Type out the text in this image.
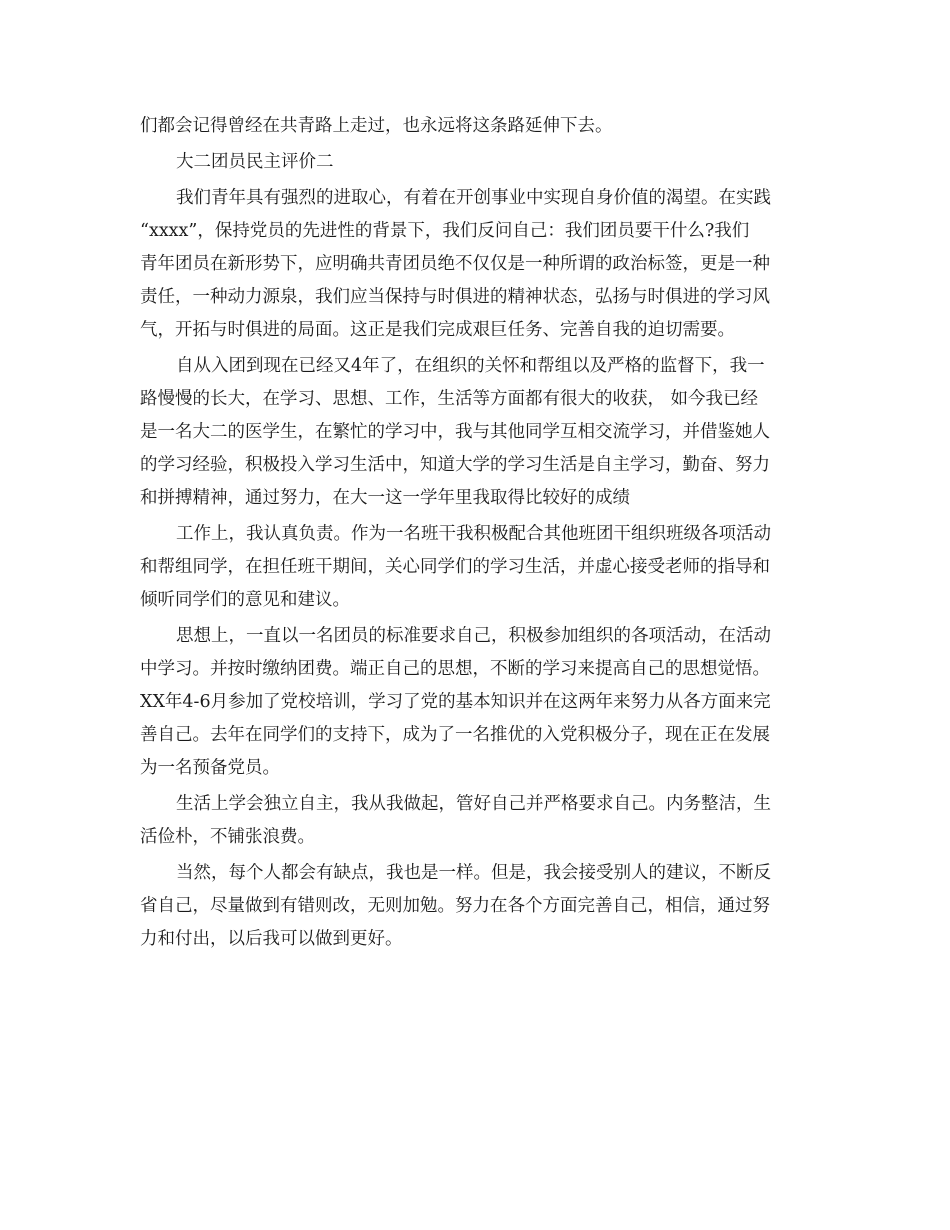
们都会记得曾经在共青路上走过，也永远将这条路延伸下去。
大二团员民主评价二
我们青年具有强烈的进取心，有着在开创事业中实现自身价值的渴望。在实践
“xxxx”，保持党员的先进性的背景下，我们反问自己：我们团员要干什么?我们
青年团员在新形势下，应明确共青团员绝不仅仅是一种所谓的政治标签，更是一种
责任，一种动力源泉，我们应当保持与时俱进的精神状态，弘扬与时俱进的学习风
气，开拓与时俱进的局面。这正是我们完成艰巨任务、完善自我的迫切需要。
自从入团到现在已经又4年了，在组织的关怀和帮组以及严格的监督下，我一
路慢慢的长大，在学习、思想、工作，生活等方面都有很大的收获， 如今我已经
是一名大二的医学生，在繁忙的学习中，我与其他同学互相交流学习，并借鉴她人
的学习经验，积极投入学习生活中，知道大学的学习生活是自主学习，勤奋、努力
和拼搏精神，通过努力，在大一这一学年里我取得比较好的成绩
工作上，我认真负责。作为一名班干我积极配合其他班团干组织班级各项活动
和帮组同学，在担任班干期间，关心同学们的学习生活，并虚心接受老师的指导和
倾听同学们的意见和建议。
思想上，一直以一名团员的标准要求自己，积极参加组织的各项活动，在活动
中学习。并按时缴纳团费。端正自己的思想，不断的学习来提高自己的思想觉悟。
XX年4-6月参加了党校培训，学习了党的基本知识并在这两年来努力从各方面来完
善自己。去年在同学们的支持下，成为了一名推优的入党积极分子，现在正在发展
为一名预备党员。
生活上学会独立自主，我从我做起，管好自己并严格要求自己。内务整洁，生
活俭朴，不铺张浪费。
当然，每个人都会有缺点，我也是一样。但是，我会接受别人的建议，不断反
省自己，尽量做到有错则改，无则加勉。努力在各个方面完善自己，相信，通过努
力和付出，以后我可以做到更好。
